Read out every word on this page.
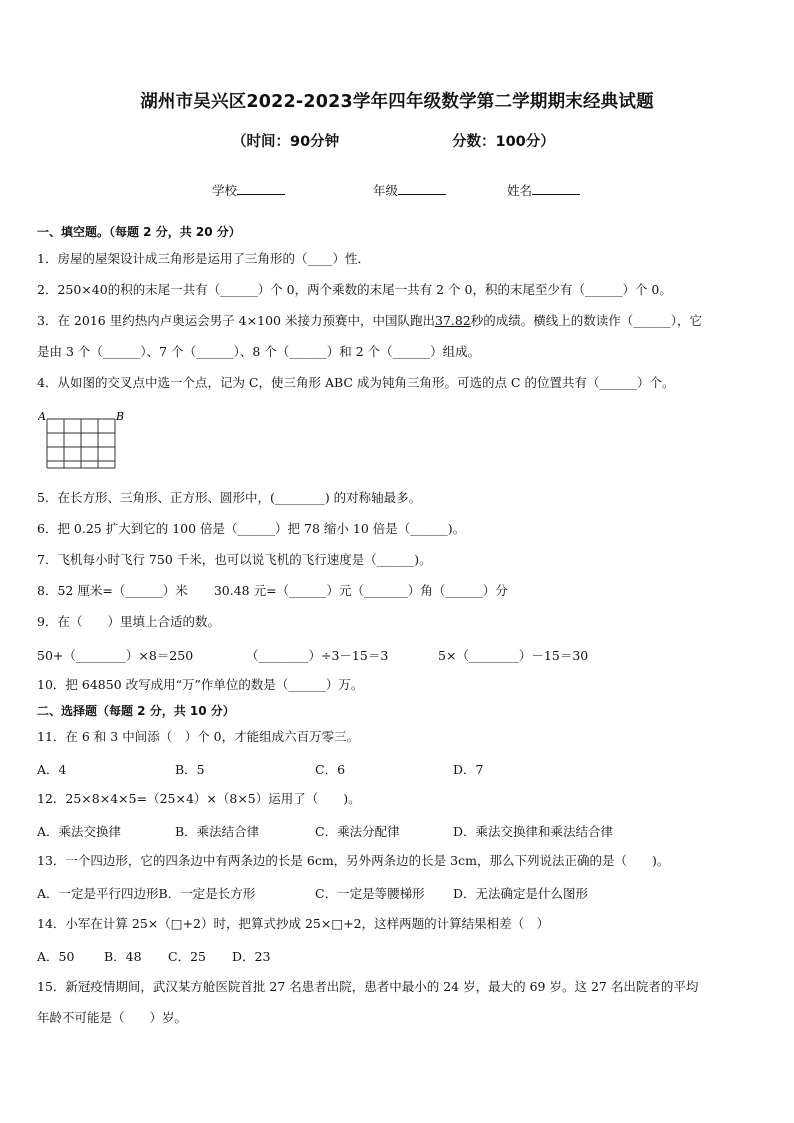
湖州市吴兴区2022-2023学年四年级数学第二学期期末经典试题
（时间：90分钟	分数：100分）
学校	年级	姓名
一、填空题。（每题 2 分，共 20 分）
1．房屋的屋架设计成三角形是运用了三角形的（____）性．
2．250×40的积的末尾一共有（______）个 0，两个乘数的末尾一共有 2 个 0，积的末尾至少有（______）个 0。
3．在 2016 里约热内卢奥运会男子 4×100 米接力预赛中，中国队跑出37.82秒的成绩。横线上的数读作（______），它
是由 3 个（______）、7 个（______）、8 个（______）和 2 个（______）组成。
4．从如图的交叉点中选一个点，记为 C，使三角形 ABC 成为钝角三角形。可选的点 C 的位置共有（______）个。
A	B
5．在长方形、三角形、正方形、圆形中，(________) 的对称轴最多。
6．把 0.25 扩大到它的 100 倍是（______）把 78 缩小 10 倍是（______)。
7．飞机每小时飞行 750 千米，也可以说飞机的飞行速度是（______)。
8．52 厘米=（______）米 30.48 元=（______）元（_______）角（______）分
9．在（　　）里填上合适的数。
50+（________）×8＝250	（________）÷3－15＝3	5×（________）－15＝30
10．把 64850 改写成用“万”作单位的数是（______）万。
二、选择题（每题 2 分，共 10 分）
11．在 6 和 3 中间添（　）个 0，才能组成六百万零三。
A．4	B．5	C．6	D．7
12．25×8×4×5=（25×4）×（8×5）运用了（　　)。
A．乘法交换律	B．乘法结合律	C．乘法分配律	D．乘法交换律和乘法结合律
13．一个四边形，它的四条边中有两条边的长是 6cm，另外两条边的长是 3cm，那么下列说法正确的是（　　)。
A．一定是平行四边形B．一定是长方形	C．一定是等腰梯形 D．无法确定是什么图形
14．小军在计算 25×（□+2）时，把算式抄成 25×□+2，这样两题的计算结果相差（　）
A．50 B．48 C．25 D．23
15．新冠疫情期间，武汉某方舱医院首批 27 名患者出院，患者中最小的 24 岁，最大的 69 岁。这 27 名出院者的平均
年龄不可能是（　　）岁。
